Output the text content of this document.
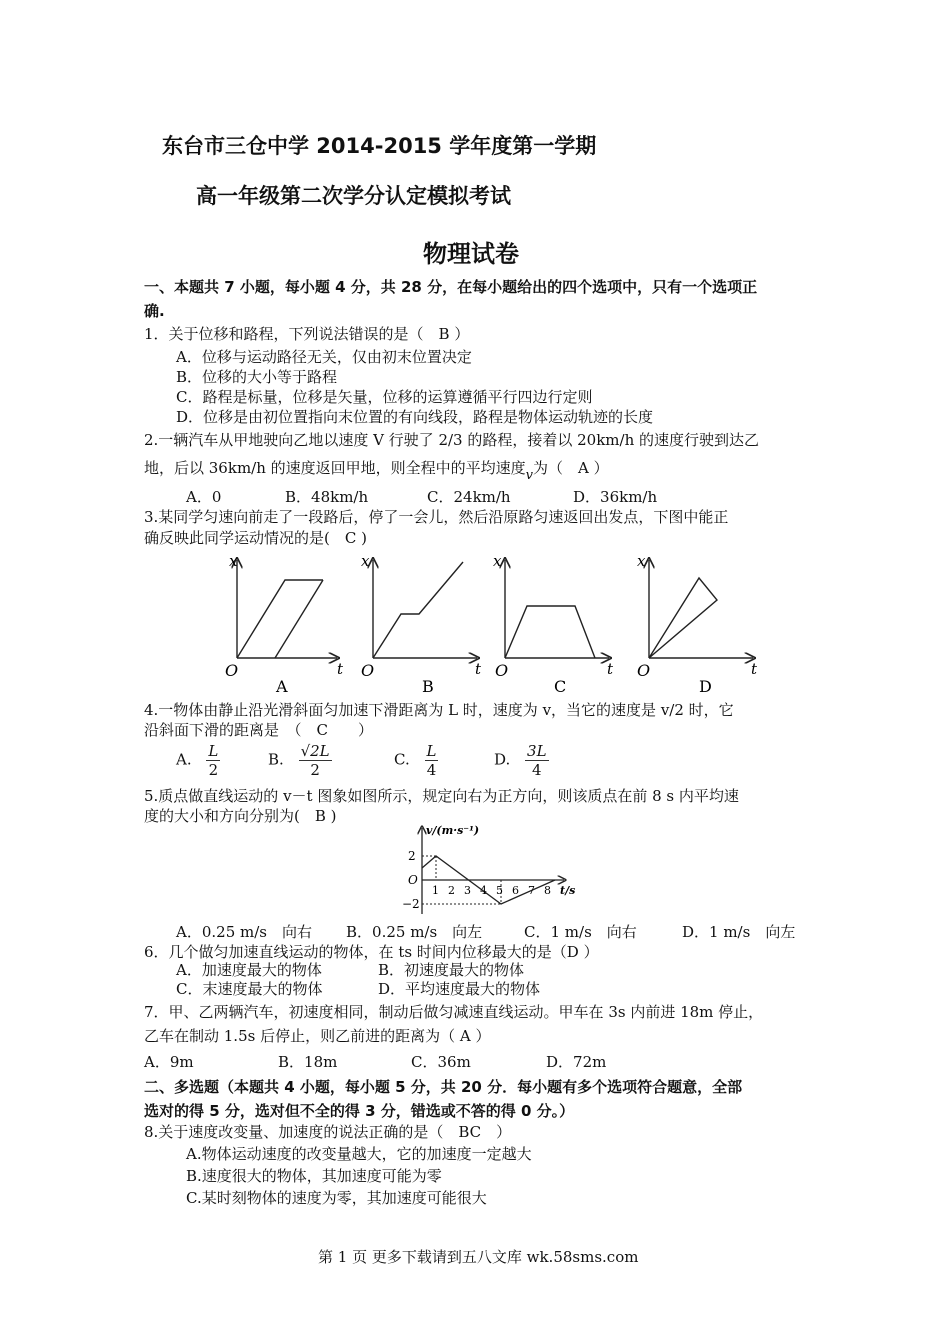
东台市三仓中学 2014-2015 学年度第一学期
高一年级第二次学分认定模拟考试
物理试卷
一、本题共 7 小题，每小题 4 分，共 28 分，在每小题给出的四个选项中，只有一个选项正
确.
1．关于位移和路程，下列说法错误的是（　B ）
A．位移与运动路径无关，仅由初末位置决定
B．位移的大小等于路程
C．路程是标量，位移是矢量，位移的运算遵循平行四边行定则
D．位移是由初位置指向末位置的有向线段，路程是物体运动轨迹的长度
2.一辆汽车从甲地驶向乙地以速度 V 行驶了 2/3 的路程，接着以 20km/h 的速度行驶到达乙
地，后以 36km/h 的速度返回甲地，则全程中的平均速度v为（　A ）
A．0	B．48km/h	C．24km/h	D．36km/h
3.某同学匀速向前走了一段路后，停了一会儿，然后沿原路匀速返回出发点，下图中能正
确反映此同学运动情况的是(　C )
O
x
t
A
O
x
t
B
O
x
t
C
O
x
t
D
4.一物体由静止沿光滑斜面匀加速下滑距离为 L 时，速度为 v，当它的速度是 v/2 时，它
沿斜面下滑的距离是　（　C　　）
A. $\frac{L}{2}$	B. $\frac{√2L}{2}$	C. $\frac{L}{4}$	D. $\frac{3L}{4}$
5.质点做直线运动的 v－t 图象如图所示，规定向右为正方向，则该质点在前 8 s 内平均速
度的大小和方向分别为(　B )
v/(m·s⁻¹)
t/s
2
O
−2
1 2 3 4 5 6 7 8
A．0.25 m/s　向右 B．0.25 m/s　向左	C．1 m/s　向右	D．1 m/s　向左
6．几个做匀加速直线运动的物体，在 ts 时间内位移最大的是（D ）
A．加速度最大的物体	B．初速度最大的物体
C．末速度最大的物体	D．平均速度最大的物体
7．甲、乙两辆汽车，初速度相同，制动后做匀减速直线运动。甲车在 3s 内前进 18m 停止，
乙车在制动 1.5s 后停止，则乙前进的距离为（ A ）
A．9m	B．18m	C．36m	D．72m
二、多选题（本题共 4 小题，每小题 5 分，共 20 分．每小题有多个选项符合题意，全部
选对的得 5 分，选对但不全的得 3 分，错选或不答的得 0 分。）
8.关于速度改变量、加速度的说法正确的是（　BC　）
A.物体运动速度的改变量越大，它的加速度一定越大
B.速度很大的物体，其加速度可能为零
C.某时刻物体的速度为零，其加速度可能很大
第 1 页 更多下载请到五八文库 wk.58sms.com
